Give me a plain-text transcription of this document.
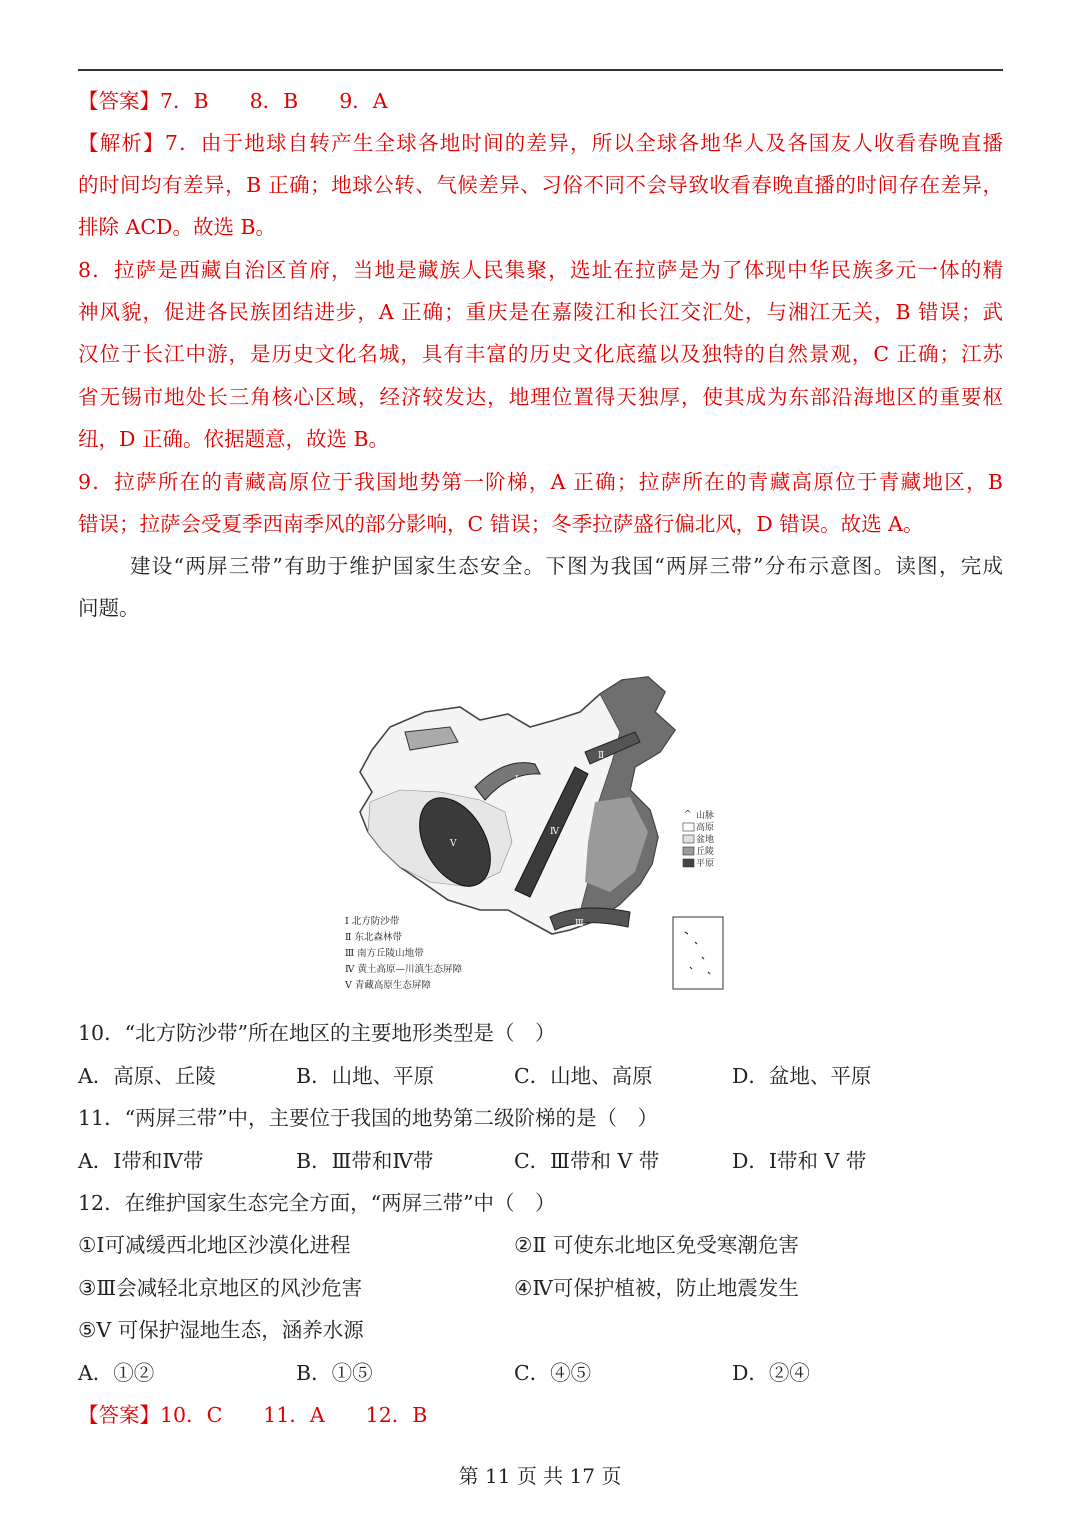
【答案】7．B　　8．B　　9．A
【解析】7．由于地球自转产生全球各地时间的差异，所以全球各地华人及各国友人收看春晚直播
的时间均有差异，B 正确；地球公转、气候差异、习俗不同不会导致收看春晚直播的时间存在差异，
排除 ACD。故选 B。
8．拉萨是西藏自治区首府，当地是藏族人民集聚，选址在拉萨是为了体现中华民族多元一体的精
神风貌，促进各民族团结进步，A 正确；重庆是在嘉陵江和长江交汇处，与湘江无关，B 错误；武
汉位于长江中游，是历史文化名城，具有丰富的历史文化底蕴以及独特的自然景观，C 正确；江苏
省无锡市地处长三角核心区域，经济较发达，地理位置得天独厚，使其成为东部沿海地区的重要枢
纽，D 正确。依据题意，故选 B。
9．拉萨所在的青藏高原位于我国地势第一阶梯，A 正确；拉萨所在的青藏高原位于青藏地区，B
错误；拉萨会受夏季西南季风的部分影响，C 错误；冬季拉萨盛行偏北风，D 错误。故选 A。
建设“两屏三带”有助于维护国家生态安全。下图为我国“两屏三带”分布示意图。读图，完成
问题。
Ⅰ
Ⅱ
Ⅲ
Ⅳ
Ⅴ
^ 山脉
高原
盆地
丘陵
平原
Ⅰ 北方防沙带
Ⅱ 东北森林带
Ⅲ 南方丘陵山地带
Ⅳ 黄土高原—川滇生态屏障
Ⅴ 青藏高原生态屏障
10．“北方防沙带”所在地区的主要地形类型是（　）
A．高原、丘陵	B．山地、平原	C．山地、高原	D．盆地、平原
11．“两屏三带”中，主要位于我国的地势第二级阶梯的是（　）
A．Ⅰ带和Ⅳ带	B．Ⅲ带和Ⅳ带	C．Ⅲ带和 Ⅴ 带	D．Ⅰ带和 Ⅴ 带
12．在维护国家生态完全方面，“两屏三带”中（　）
①Ⅰ可减缓西北地区沙漠化进程	②Ⅱ 可使东北地区免受寒潮危害
③Ⅲ会减轻北京地区的风沙危害	④Ⅳ可保护植被，防止地震发生
⑤Ⅴ 可保护湿地生态，涵养水源
A．①②	B．①⑤	C．④⑤	D．②④
【答案】10．C　　11．A　　12．B
第 11 页 共 17 页
